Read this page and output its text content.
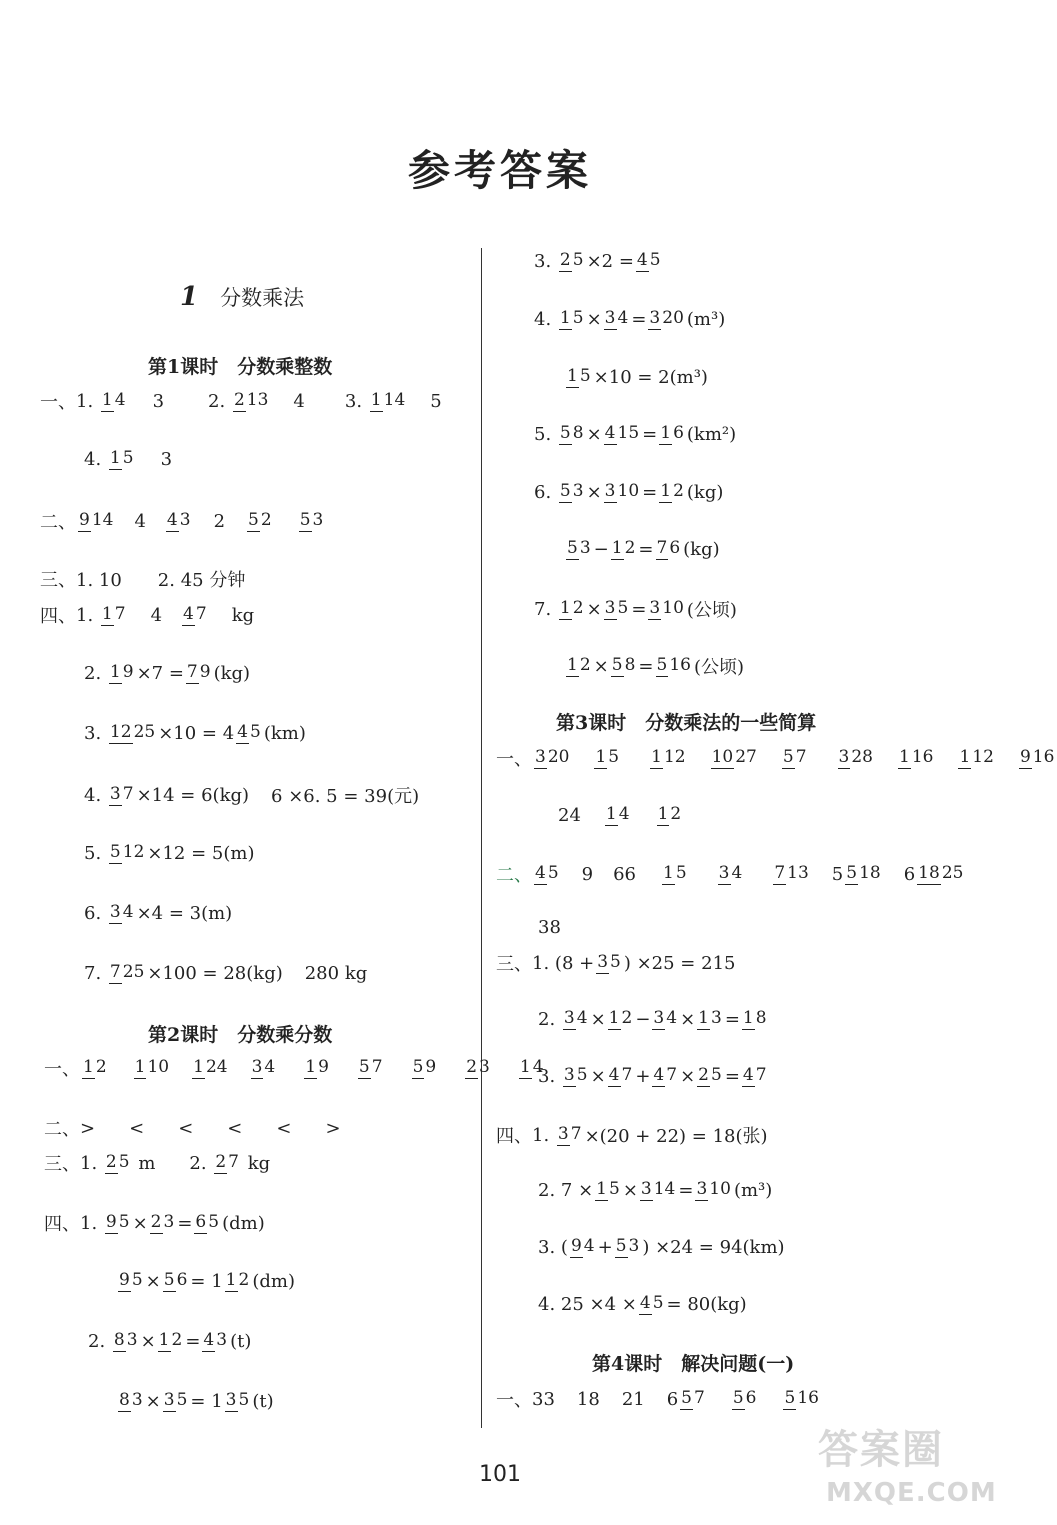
参考答案
1 分数乘法
第1课时　分数乘整数
一、 1.
1 4 3 2.
2 13 4 3.
1 14 5
4.
1 5 3
二、 9 14 4 4 3 2 5 2 5 3
三、 1. 10　　2. 45 分钟
四、 1.
1 7 4 4 7 kg
2.
1 9 ×7 = 7 9 (kg)
3.
12 25 ×10 = 4 4 5 (km)
4.
3 7 ×14 = 6(kg) 6 ×6. 5 = 39(元)
5.
5 12 ×12 = 5(m)
6.
3 4 ×4 = 3(m)
7.
7 25 ×100 = 28(kg) 280 kg
第2课时　分数乘分数
一、 1 2 1 10 1 24 3 4 1 9 5 7 5 9 2 3 1 4
二、 > < < < < >
三、 1.
2 5
m 2.
2 7
kg
四、 1.
9 5 × 2 3 = 6 5 (dm)
9 5 × 5 6 = 1 1 2 (dm)
2.
8 3 × 1 2 = 4 3 (t)
8 3 × 3 5 = 1 3 5 (t)
3.
2 5 ×2 = 4 5
4.
1 5 × 3 4 = 3 20 (m³)
1 5 ×10 = 2(m³)
5.
5 8 × 4 15 = 1 6 (km²)
6.
5 3 × 3 10 = 1 2 (kg)
5 3 − 1 2 = 7 6 (kg)
7.
1 2 × 3 5 = 3 10 (公顷)
1 2 × 5 8 = 5 16 (公顷)
第3课时　分数乘法的一些简算
一、 3 20 1 5 1 12 10 27 5 7 3 28 1 16 1 12 9 16
24 1 4 1 2
二、 4 5 9 66 1 5 3 4 7 13 5 5 18 6 18 25
38
三、 1.
(8 + 3 5 ) ×25 = 215
2.
3 4 × 1 2 − 3 4 × 1 3 = 1 8
3.
3 5 × 4 7 + 4 7 × 2 5 = 4 7
四、 1.
3 7 ×(20 + 22) = 18(张)
2. 7 × 1 5 × 3 14 = 3 10 (m³)
3.
( 9 4 + 5 3 ) ×24 = 94(km)
4. 25 ×4 × 4 5 = 80(kg)
第4课时　解决问题(一)
一、 33 18 21 6 5 7 5 6 5 16
101
答案圈
MXQE.COM
